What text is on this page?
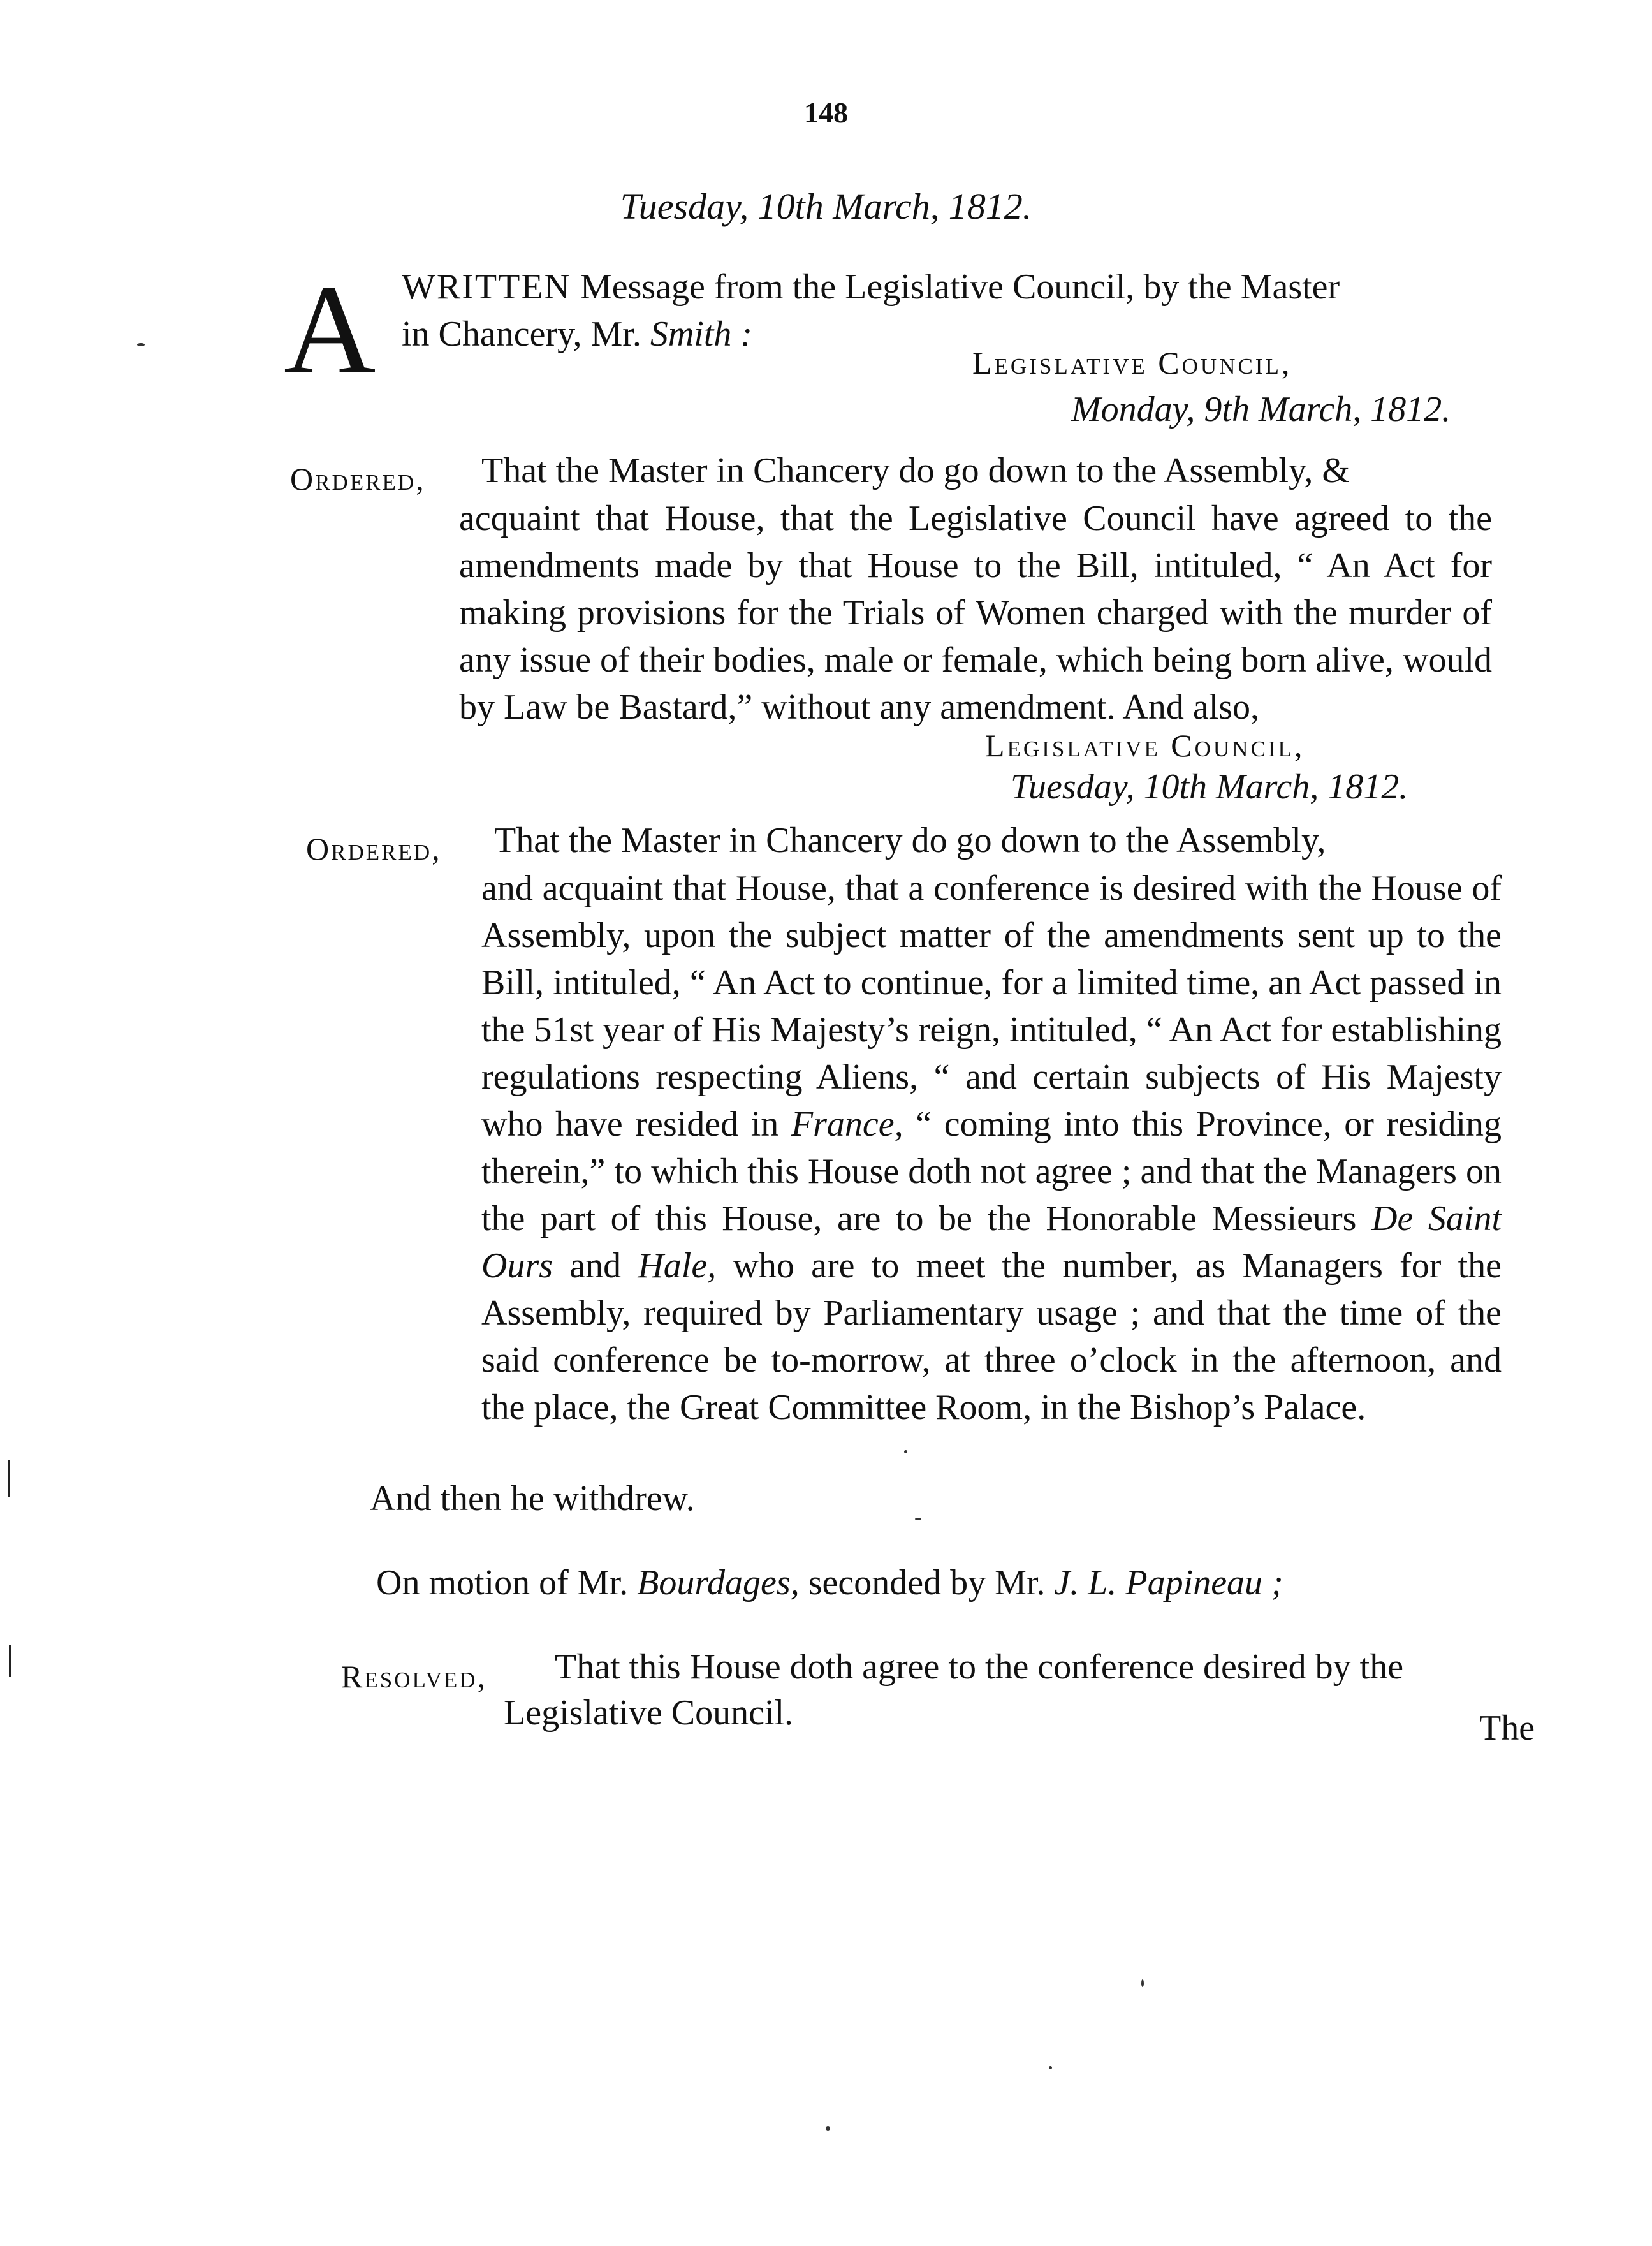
148
Tuesday, 10th March, 1812.
A WRITTEN Message from the Legislative Council, by the Master
in Chancery, Mr. Smith :
Legislative Council,
Monday, 9th March, 1812.
Ordered, That the Master in Chancery do go down to the Assembly, &
acquaint that House, that the Legislative Council have agreed to the amendments made by that House to the Bill, intituled, “ An Act for making provisions for the Trials of Women charged with the murder of any issue of their bodies, male or female, which being born alive, would by Law be Bastard,” without any amendment. And also,
Legislative Council,
Tuesday, 10th March, 1812.
Ordered, That the Master in Chancery do go down to the Assembly,
and acquaint that House, that a conference is desired with the House of Assembly, upon the subject matter of the amendments sent up to the Bill, intituled, “ An Act to continue, for a limited time, an Act passed in the 51st year of His Majesty’s reign, intituled, “ An Act for establishing regulations respecting Aliens, “ and certain subjects of His Majesty who have resided in France, “ coming into this Province, or residing therein,” to which this House doth not agree ; and that the Managers on the part of this House, are to be the Honorable Messieurs De Saint Ours and Hale, who are to meet the number, as Managers for the Assembly, required by Parliamentary usage ; and that the time of the said conference be to-morrow, at three o’clock in the afternoon, and the place, the Great Committee Room, in the Bishop’s Palace.
And then he withdrew.
On motion of Mr. Bourdages, seconded by Mr. J. L. Papineau ;
Resolved, That this House doth agree to the conference desired by the
Legislative Council.	The
